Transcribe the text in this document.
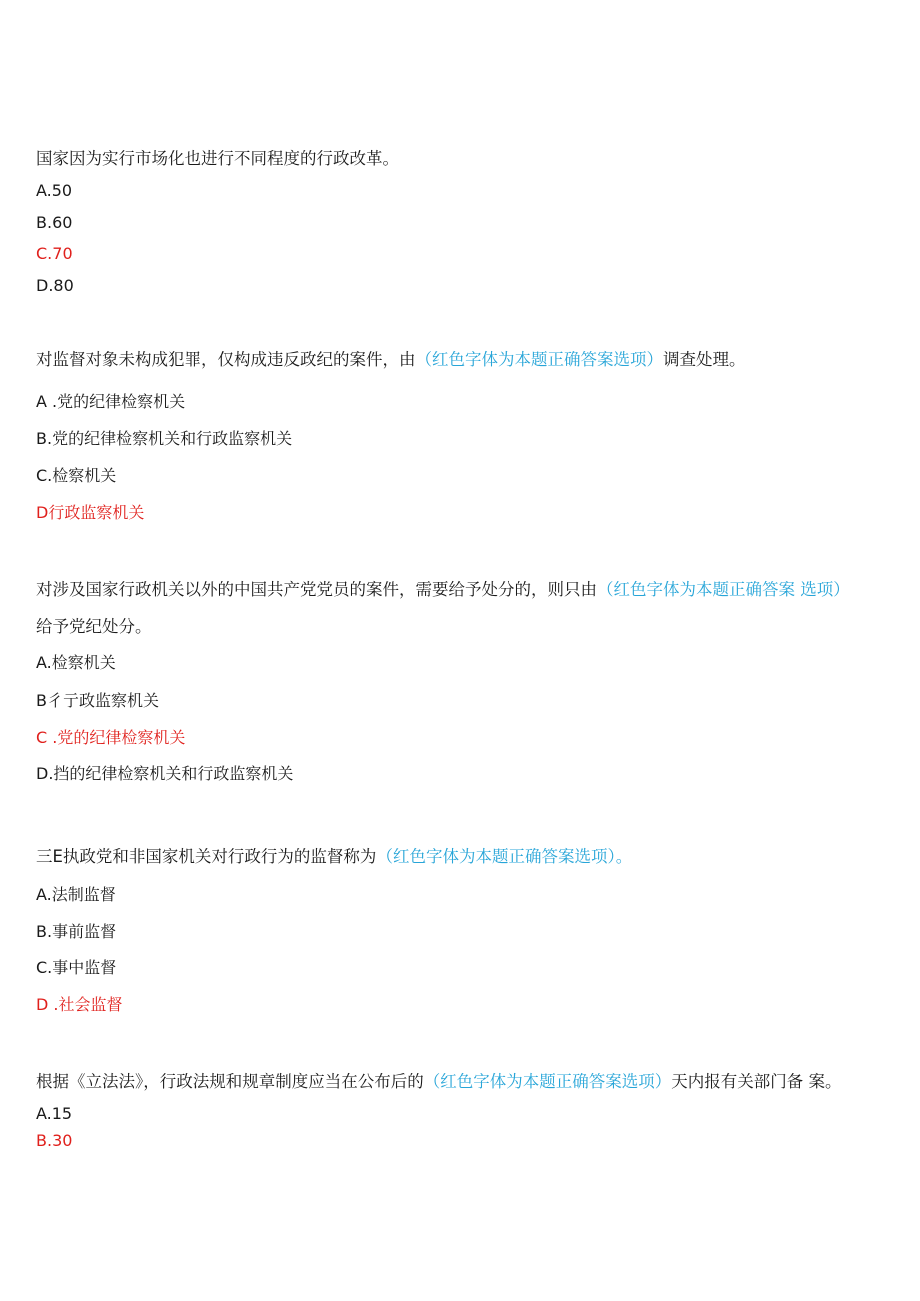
国家因为实行市场化也进行不同程度的行政改革。
A.50
B.60
C.70
D.80
对监督对象未构成犯罪，仅构成违反政纪的案件，由（红色字体为本题正确答案选项）调查处理。
A .党的纪律检察机关
B.党的纪律检察机关和行政监察机关
C.检察机关
D行政监察机关
对涉及国家行政机关以外的中国共产党党员的案件，需要给予处分的，则只由（红色字体为本题正确答案 选项）
给予党纪处分。
A.检察机关
B彳亍政监察机关
C .党的纪律检察机关
D.挡的纪律检察机关和行政监察机关
三E执政党和非国家机关对行政行为的监督称为（红色字体为本题正确答案选项）。
A.法制监督
B.事前监督
C.事中监督
D .社会监督
根据《立法法》，行政法规和规章制度应当在公布后的（红色字体为本题正确答案选项）天内报有关部门备 案。
A.15
B.30
